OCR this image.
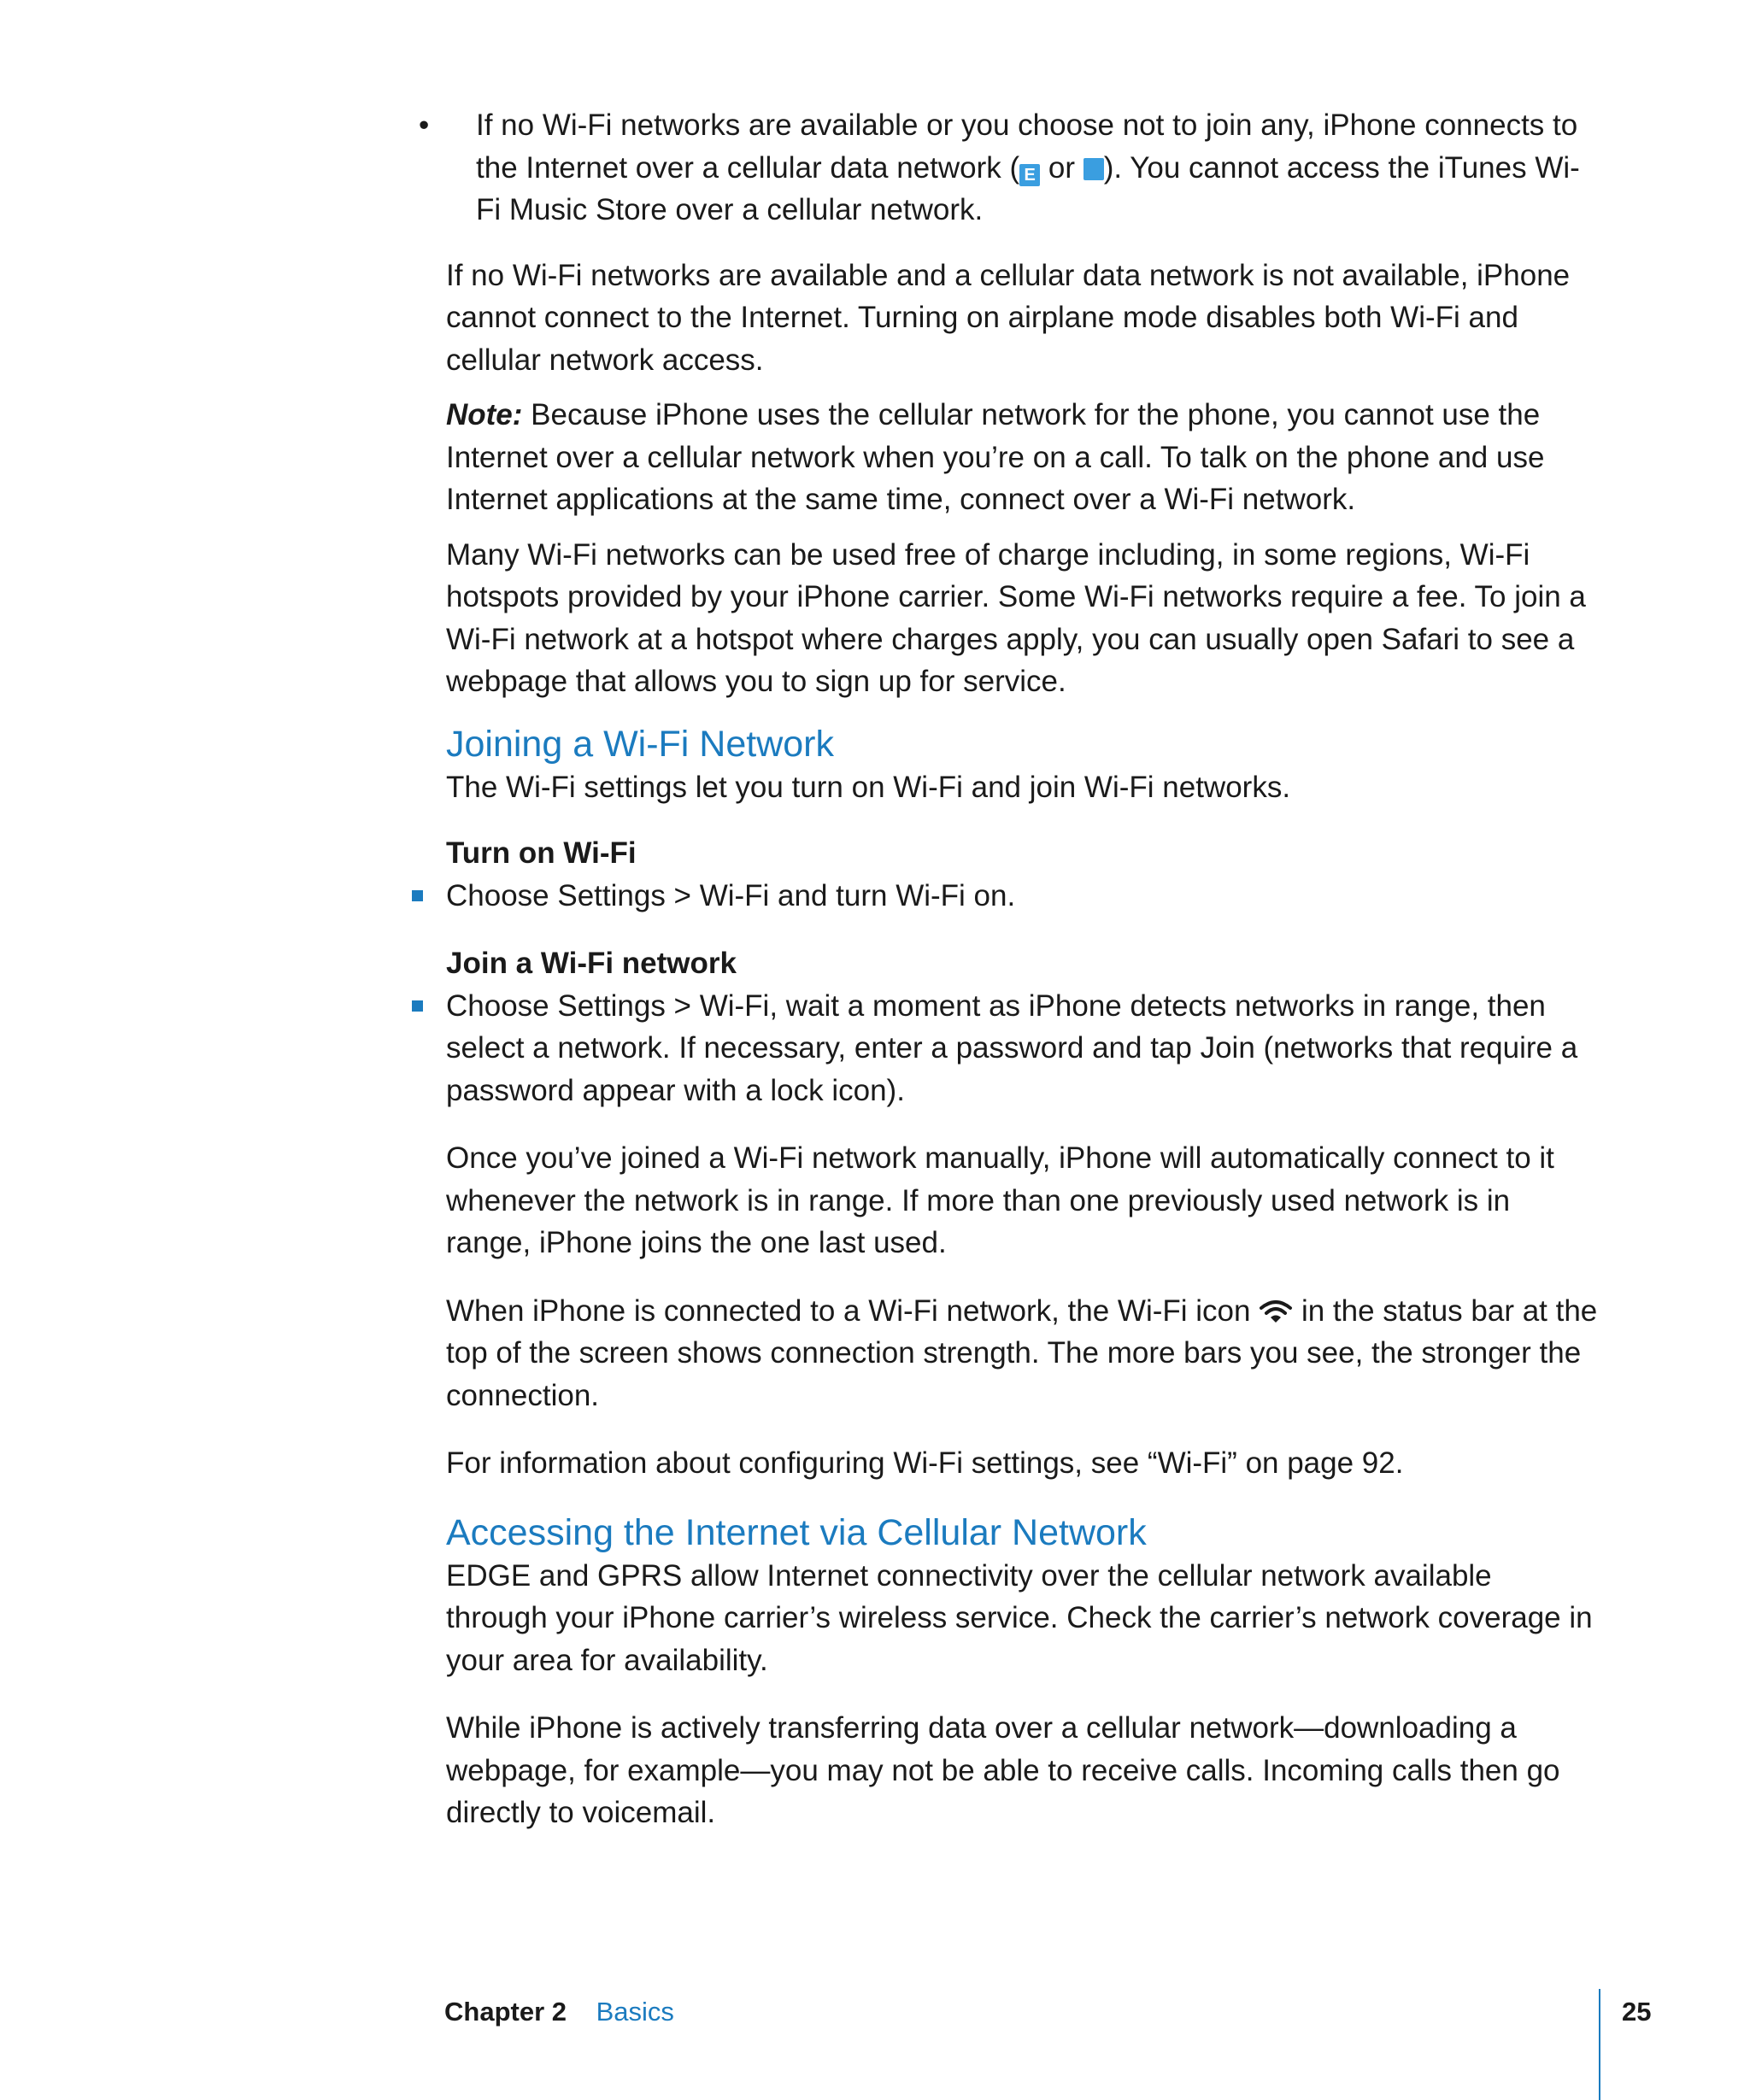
• If no Wi-Fi networks are available or you choose not to join any, iPhone connects to the Internet over a cellular data network ( E or ). You cannot access the iTunes Wi-Fi Music Store over a cellular network.

If no Wi-Fi networks are available and a cellular data network is not available, iPhone cannot connect to the Internet. Turning on airplane mode disables both Wi-Fi and cellular network access.

Note: Because iPhone uses the cellular network for the phone, you cannot use the Internet over a cellular network when you’re on a call. To talk on the phone and use Internet applications at the same time, connect over a Wi-Fi network.

Many Wi-Fi networks can be used free of charge including, in some regions, Wi-Fi hotspots provided by your iPhone carrier. Some Wi-Fi networks require a fee. To join a Wi-Fi network at a hotspot where charges apply, you can usually open Safari to see a webpage that allows you to sign up for service.

Joining a Wi-Fi Network

The Wi-Fi settings let you turn on Wi-Fi and join Wi-Fi networks.

Turn on Wi-Fi

Choose Settings > Wi-Fi and turn Wi-Fi on.

Join a Wi-Fi network

Choose Settings > Wi-Fi, wait a moment as iPhone detects networks in range, then select a network. If necessary, enter a password and tap Join (networks that require a password appear with a lock icon).

Once you’ve joined a Wi-Fi network manually, iPhone will automatically connect to it whenever the network is in range. If more than one previously used network is in range, iPhone joins the one last used.

When iPhone is connected to a Wi-Fi network, the Wi-Fi icon  in the status bar at the top of the screen shows connection strength. The more bars you see, the stronger the connection.

For information about configuring Wi-Fi settings, see “Wi-Fi” on page 92.

Accessing the Internet via Cellular Network

EDGE and GPRS allow Internet connectivity over the cellular network available through your iPhone carrier’s wireless service. Check the carrier’s network coverage in your area for availability.

While iPhone is actively transferring data over a cellular network—downloading a webpage, for example—you may not be able to receive calls. Incoming calls then go directly to voicemail.

Chapter 2 Basics	25
